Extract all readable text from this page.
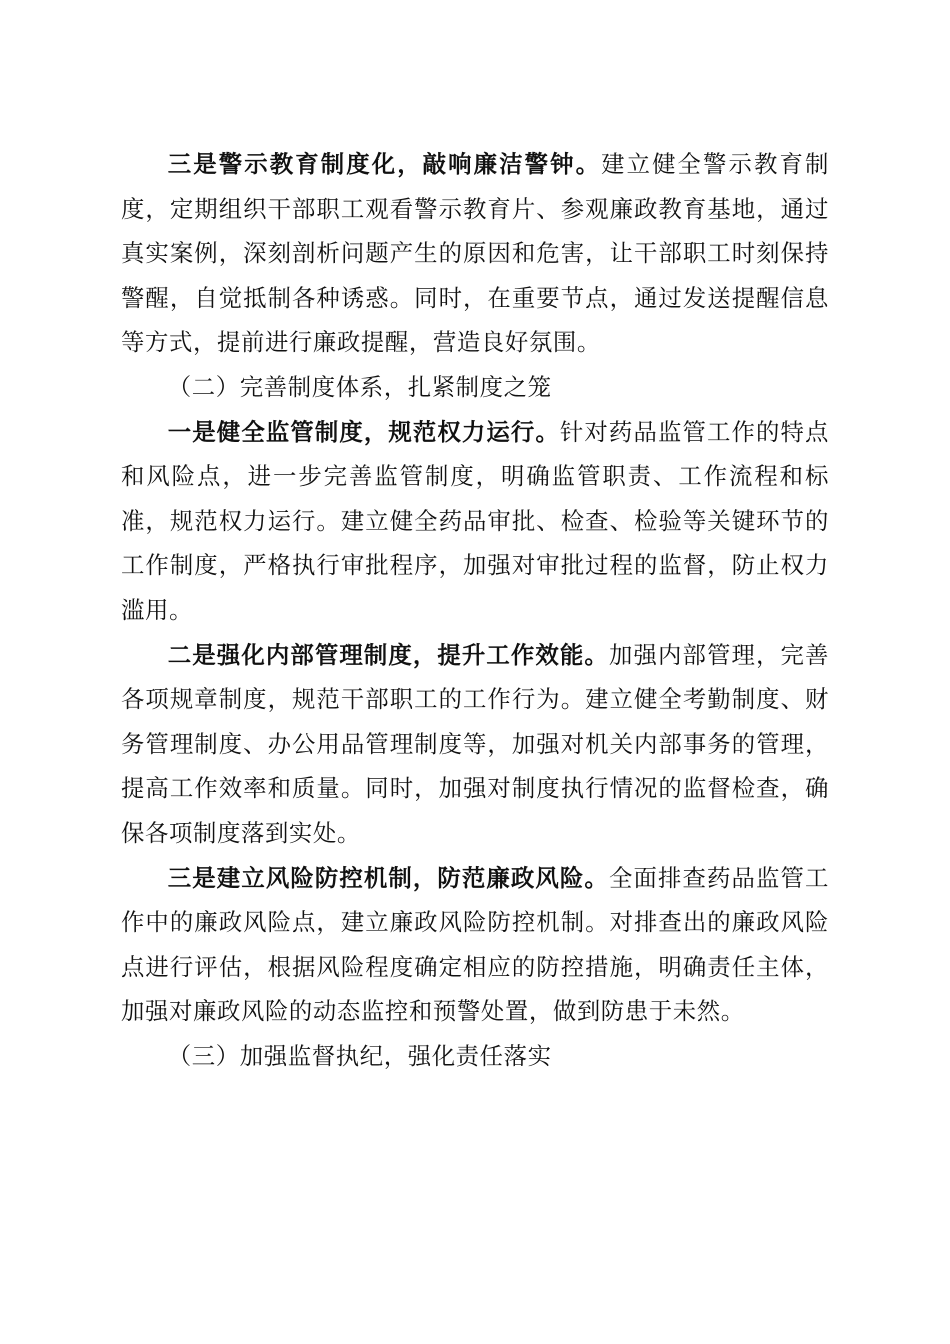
三是警示教育制度化，敲响廉洁警钟。建立健全警示教育制度，定期组织干部职工观看警示教育片、参观廉政教育基地，通过真实案例，深刻剖析问题产生的原因和危害，让干部职工时刻保持警醒，自觉抵制各种诱惑。同时，在重要节点，通过发送提醒信息等方式，提前进行廉政提醒，营造良好氛围。

（二）完善制度体系，扎紧制度之笼

一是健全监管制度，规范权力运行。针对药品监管工作的特点和风险点，进一步完善监管制度，明确监管职责、工作流程和标准，规范权力运行。建立健全药品审批、检查、检验等关键环节的工作制度，严格执行审批程序，加强对审批过程的监督，防止权力滥用。

二是强化内部管理制度，提升工作效能。加强内部管理，完善各项规章制度，规范干部职工的工作行为。建立健全考勤制度、财务管理制度、办公用品管理制度等，加强对机关内部事务的管理，提高工作效率和质量。同时，加强对制度执行情况的监督检查，确保各项制度落到实处。

三是建立风险防控机制，防范廉政风险。全面排查药品监管工作中的廉政风险点，建立廉政风险防控机制。对排查出的廉政风险点进行评估，根据风险程度确定相应的防控措施，明确责任主体，加强对廉政风险的动态监控和预警处置，做到防患于未然。

（三）加强监督执纪，强化责任落实
